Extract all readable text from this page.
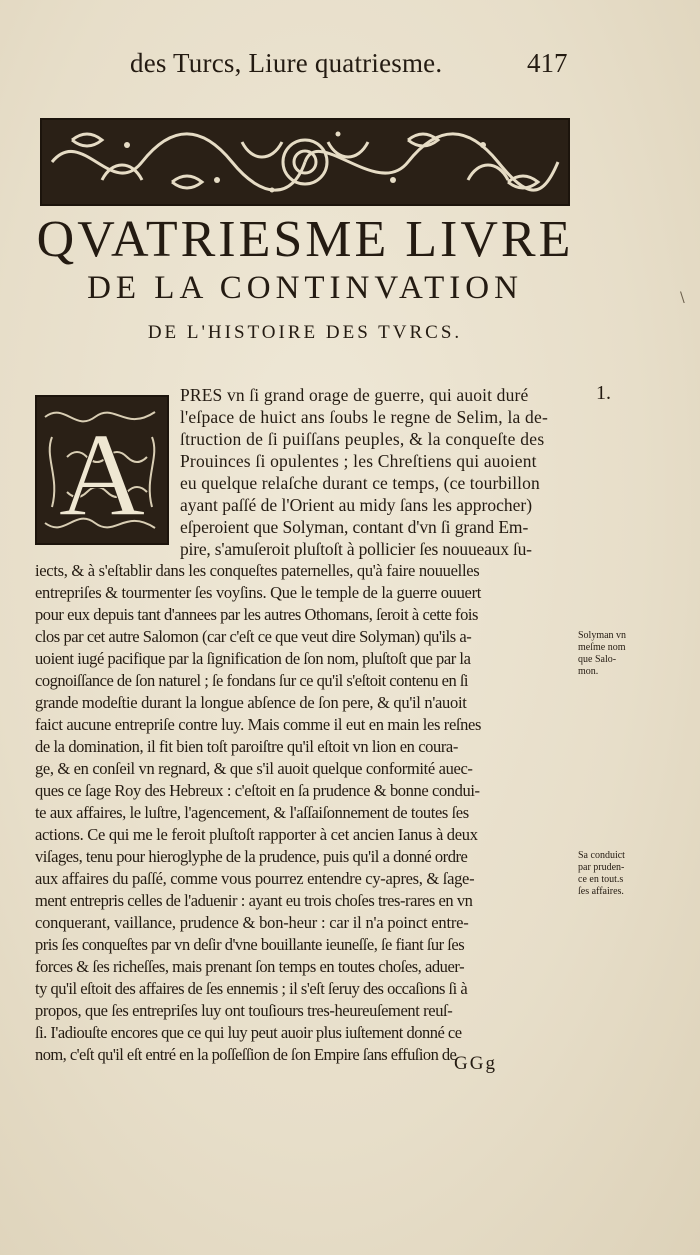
des Turcs, Liure quatriesme.	417
QVATRIESME LIVRE
DE LA CONTINVATION
DE L'HISTOIRE DES TVRCS.
A
1.
PRES vn ſi grand orage de guerre, qui auoit duré
l'eſpace de huict ans ſoubs le regne de Selim, la de-
ſtruction de ſi puiſſans peuples, & la conqueſte des
Prouinces ſi opulentes ; les Chreſtiens qui auoient
eu quelque relaſche durant ce temps, (ce tourbillon
ayant paſſé de l'Orient au midy ſans les approcher)
eſperoient que Solyman, contant d'vn ſi grand Em-
pire, s'amuſeroit pluſtoſt à pollicier ſes nouueaux ſu-
iects, & à s'eſtablir dans les conqueſtes paternelles, qu'à faire nouuelles
entrepriſes & tourmenter ſes voyſins. Que le temple de la guerre ouuert
pour eux depuis tant d'annees par les autres Othomans, ſeroit à cette fois
clos par cet autre Salomon (car c'eſt ce que veut dire Solyman) qu'ils a-
uoient iugé pacifique par la ſignification de ſon nom, pluſtoſt que par la
cognoiſſance de ſon naturel ; ſe fondans ſur ce qu'il s'eſtoit contenu en ſi
grande modeſtie durant la longue abſence de ſon pere, & qu'il n'auoit
faict aucune entrepriſe contre luy. Mais comme il eut en main les reſnes
de la domination, il fit bien toſt paroiſtre qu'il eſtoit vn lion en coura-
ge, & en conſeil vn regnard, & que s'il auoit quelque conformité auec-
ques ce ſage Roy des Hebreux : c'eſtoit en ſa prudence & bonne condui-
te aux affaires, le luſtre, l'agencement, & l'aſſaiſonnement de toutes ſes
actions. Ce qui me le feroit pluſtoſt rapporter à cet ancien Ianus à deux
viſages, tenu pour hieroglyphe de la prudence, puis qu'il a donné ordre
aux affaires du paſſé, comme vous pourrez entendre cy-apres, & ſage-
ment entrepris celles de l'aduenir : ayant eu trois choſes tres-rares en vn
conquerant, vaillance, prudence & bon-heur : car il n'a poinct entre-
pris ſes conqueſtes par vn deſir d'vne bouillante ieuneſſe, ſe fiant ſur ſes
forces & ſes richeſſes, mais prenant ſon temps en toutes choſes, aduer-
ty qu'il eſtoit des affaires de ſes ennemis ; il s'eſt ſeruy des occaſions ſi à
propos, que ſes entrepriſes luy ont touſiours tres-heureuſement reuſ-
ſi. I'adiouſte encores que ce qui luy peut auoir plus iuſtement donné ce
nom, c'eſt qu'il eſt entré en la poſſeſſion de ſon Empire ſans effuſion de
Solyman vn
meſme nom
que Salo-
mon.
Sa conduict
par pruden-
ce en tout.s
ſes affaires.
GGg
\
